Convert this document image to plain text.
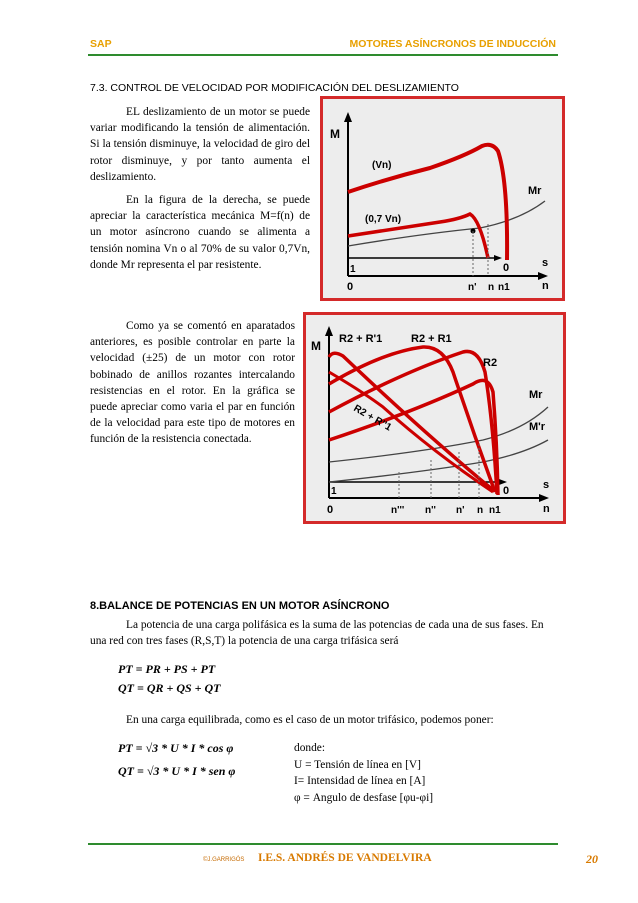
SAP	MOTORES ASÍNCRONOS DE INDUCCIÓN
7.3. CONTROL DE VELOCIDAD POR MODIFICACIÓN DEL DESLIZAMIENTO

EL deslizamiento de un motor se puede variar modificando la tensión de alimentación. Si la tensión disminuye, la velocidad de giro del rotor disminuye, y por tanto aumenta el deslizamiento.

En la figura de la derecha, se puede apreciar la característica mecánica M=f(n) de un motor asíncrono cuando se alimenta a tensión nomina Vn o al 70% de su valor 0,7Vn, donde Mr representa el par resistente.

Como ya se comentó en aparatados anteriores, es posible controlar en parte la velocidad (±25) de un motor con rotor bobinado de anillos rozantes intercalando resistencias en el rotor. En la gráfica se puede apreciar como varia el par en función de la velocidad para este tipo de motores en función de la resistencia conectada.

M
(Vn)
(0,7 Vn)
Mr
1
0
0	s
n
n' n n1
M R2 + R'1	R2 + R1
R2
R2 + R''1
Mr
M'r
1
0
0	s
n
n''' n'' n' n n1
8.BALANCE DE POTENCIAS EN UN MOTOR ASÍNCRONO

La potencia de una carga polifásica es la suma de las potencias de cada una de sus fases. En una red con tres fases (R,S,T) la potencia de una carga trifásica será

PT = PR + PS + PT
QT = QR + QS + QT

En una carga equilibrada, como es el caso de un motor trifásico, podemos poner:

PT = √3 * U * I * cos φ
QT = √3 * U * I * sen φ
donde:
U = Tensión de línea en [V]
I= Intensidad de línea en [A]
φ = Angulo de desfase [φu-φi]
©J.GARRIGÓS I.E.S. ANDRÉS DE VANDELVIRA	20
